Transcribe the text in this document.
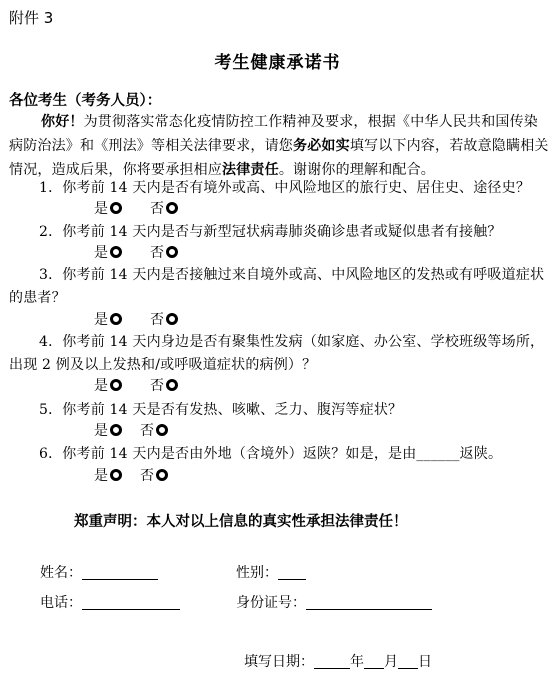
附件 3
考生健康承诺书
各位考生（考务人员）：
你好！为贯彻落实常态化疫情防控工作精神及要求，根据《中华人民共和国传染病防治法》和《刑法》等相关法律要求，请您务必如实填写以下内容，若故意隐瞒相关情况，造成后果，你将要承担相应法律责任。谢谢你的理解和配合。
1．你考前 14 天内是否有境外或高、中风险地区的旅行史、居住史、途径史？
是	否
2．你考前 14 天内是否与新型冠状病毒肺炎确诊患者或疑似患者有接触？
是	否
3．你考前 14 天内是否接触过来自境外或高、中风险地区的发热或有呼吸道症状的患者？
是	否
4．你考前 14 天内身边是否有聚集性发病（如家庭、办公室、学校班级等场所，出现 2 例及以上发热和/或呼吸道症状的病例）？
是	否
5．你考前 14 天是否有发热、咳嗽、乏力、腹泻等症状？
是 否
6．你考前 14 天内是否由外地（含境外）返陕？如是，是由______返陕。
是 否
郑重声明：本人对以上信息的真实性承担法律责任！
姓名：	性别：
电话：	身份证号：
填写日期：	年 月 日
